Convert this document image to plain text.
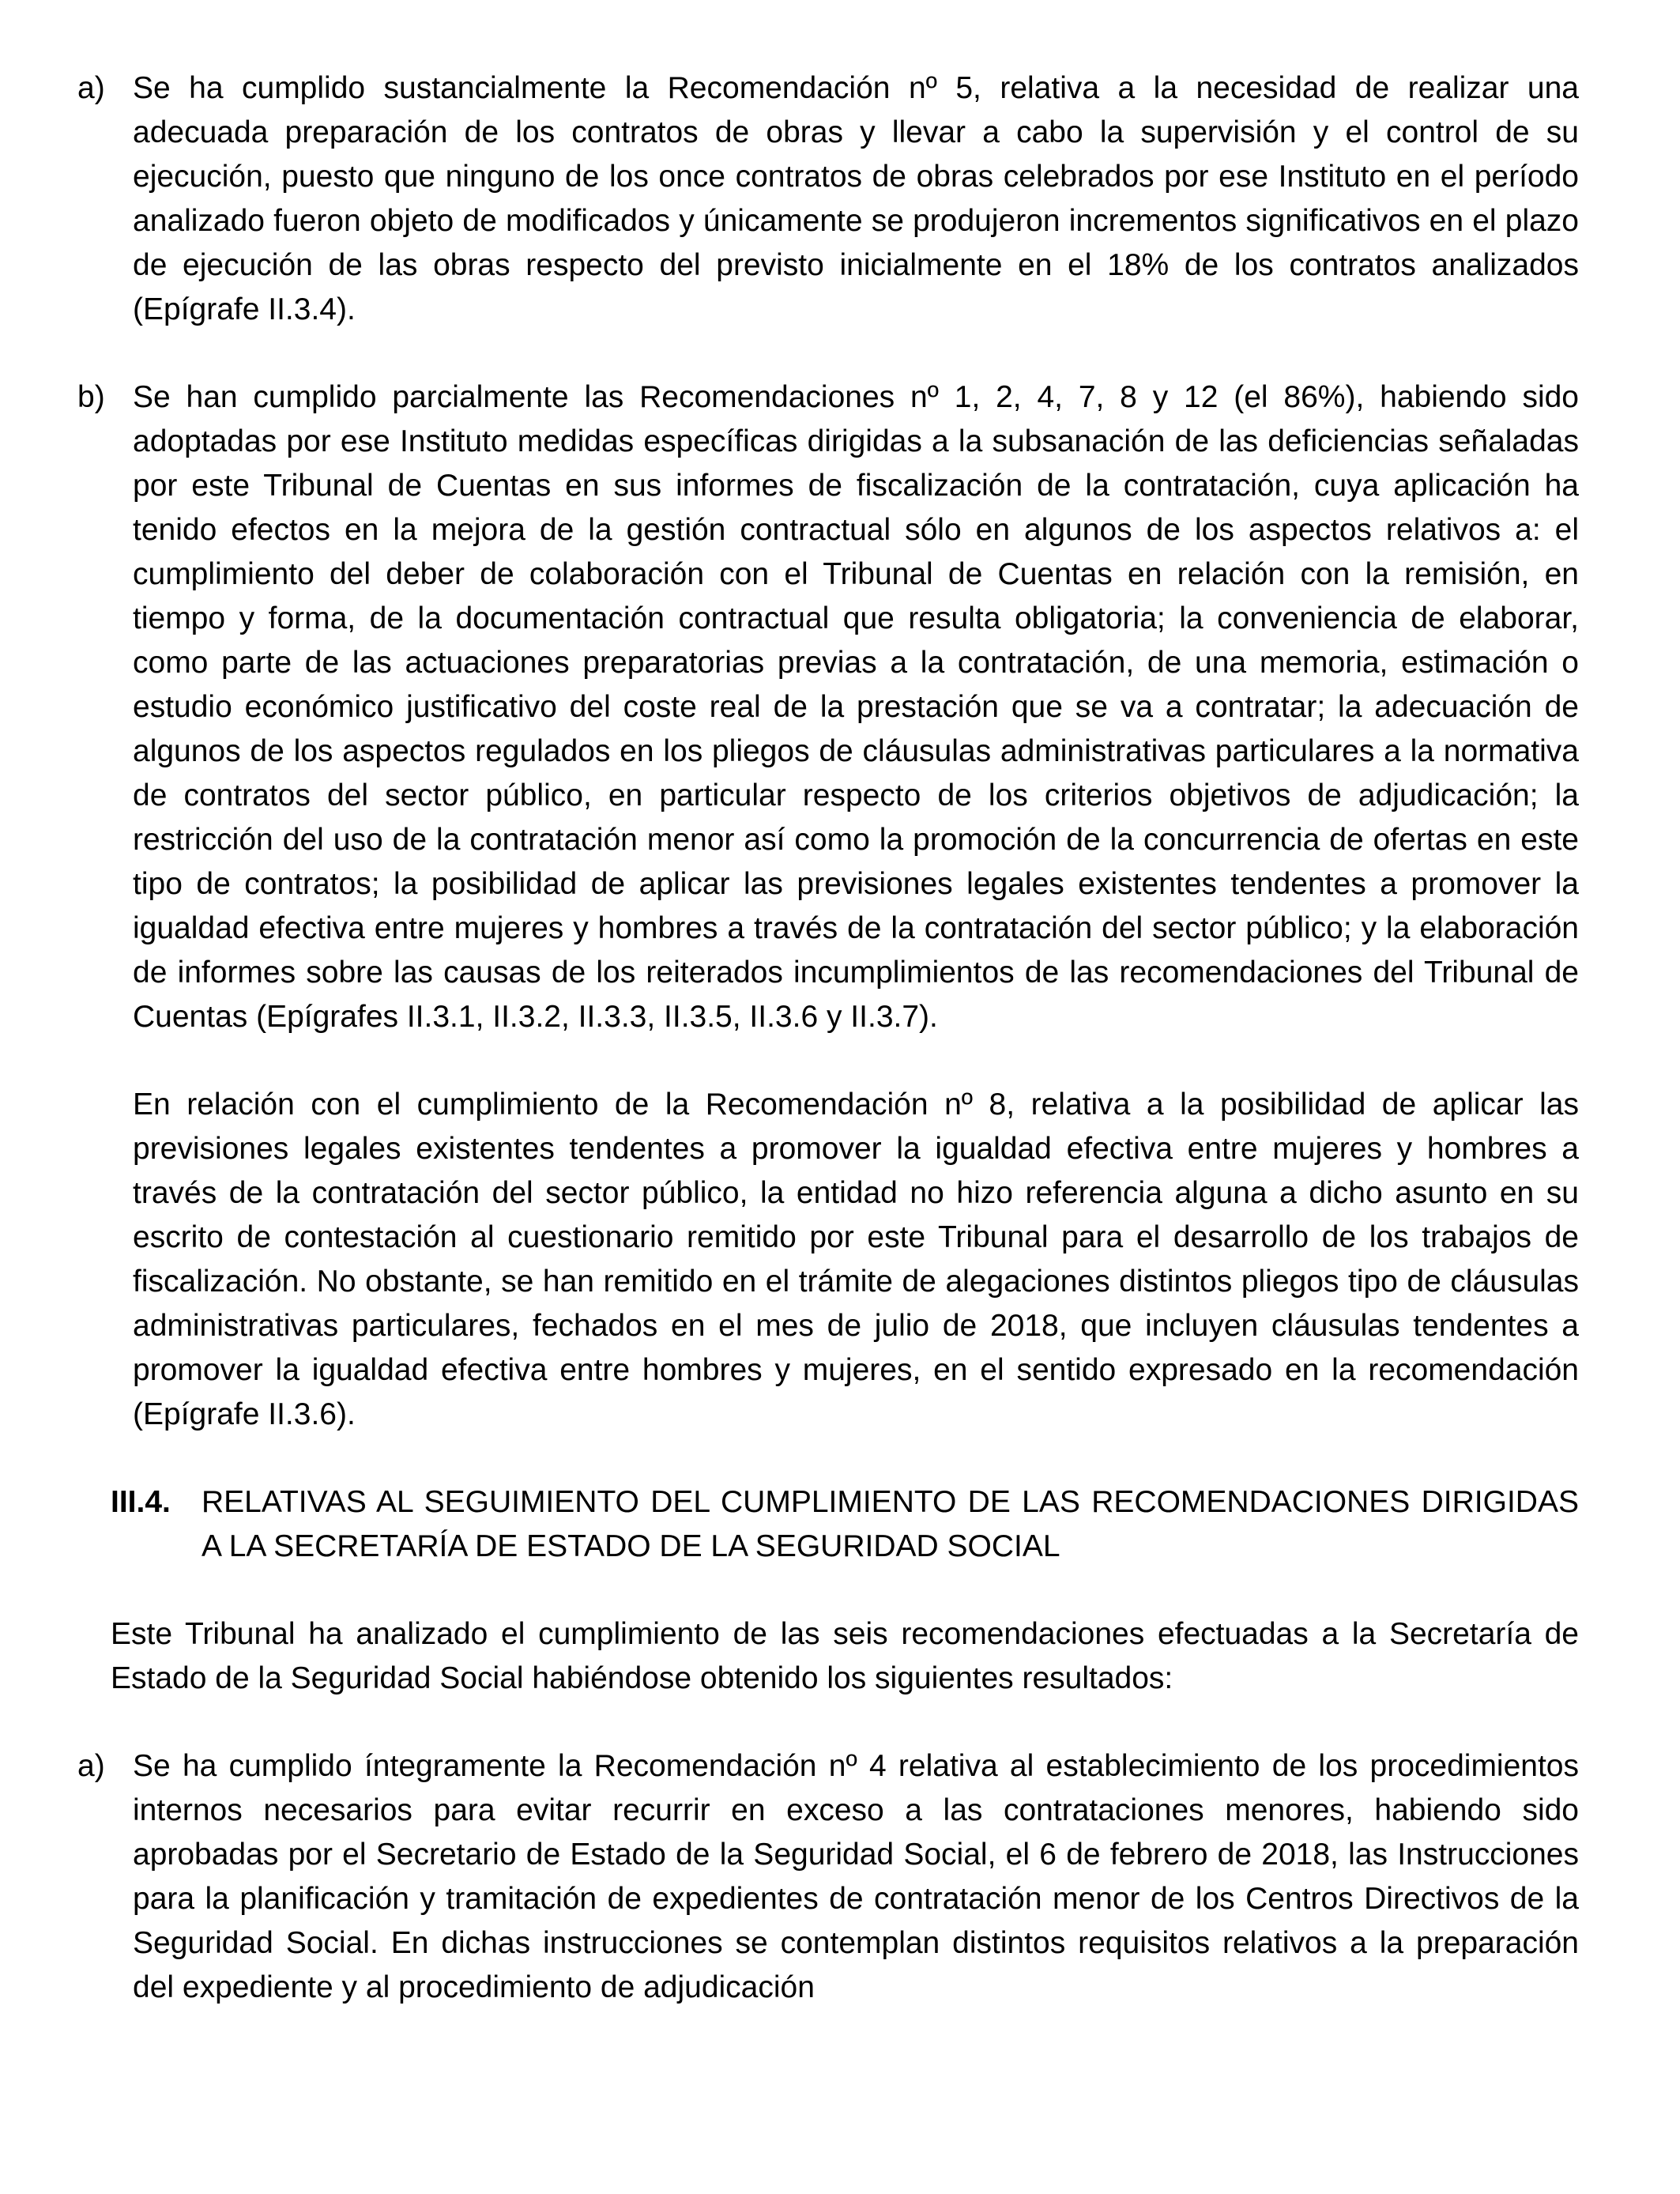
a) Se ha cumplido sustancialmente la Recomendación nº 5, relativa a la necesidad de realizar una adecuada preparación de los contratos de obras y llevar a cabo la supervisión y el control de su ejecución, puesto que ninguno de los once contratos de obras celebrados por ese Instituto en el período analizado fueron objeto de modificados y únicamente se produjeron incrementos significativos en el plazo de ejecución de las obras respecto del previsto inicialmente en el 18% de los contratos analizados (Epígrafe II.3.4).
b) Se han cumplido parcialmente las Recomendaciones nº 1, 2, 4, 7, 8 y 12 (el 86%), habiendo sido adoptadas por ese Instituto medidas específicas dirigidas a la subsanación de las deficiencias señaladas por este Tribunal de Cuentas en sus informes de fiscalización de la contratación, cuya aplicación ha tenido efectos en la mejora de la gestión contractual sólo en algunos de los aspectos relativos a: el cumplimiento del deber de colaboración con el Tribunal de Cuentas en relación con la remisión, en tiempo y forma, de la documentación contractual que resulta obligatoria; la conveniencia de elaborar, como parte de las actuaciones preparatorias previas a la contratación, de una memoria, estimación o estudio económico justificativo del coste real de la prestación que se va a contratar; la adecuación de algunos de los aspectos regulados en los pliegos de cláusulas administrativas particulares a la normativa de contratos del sector público, en particular respecto de los criterios objetivos de adjudicación; la restricción del uso de la contratación menor así como la promoción de la concurrencia de ofertas en este tipo de contratos; la posibilidad de aplicar las previsiones legales existentes tendentes a promover la igualdad efectiva entre mujeres y hombres a través de la contratación del sector público; y la elaboración de informes sobre las causas de los reiterados incumplimientos de las recomendaciones del Tribunal de Cuentas (Epígrafes II.3.1, II.3.2, II.3.3, II.3.5, II.3.6 y II.3.7).
En relación con el cumplimiento de la Recomendación nº 8, relativa a la posibilidad de aplicar las previsiones legales existentes tendentes a promover la igualdad efectiva entre mujeres y hombres a través de la contratación del sector público, la entidad no hizo referencia alguna a dicho asunto en su escrito de contestación al cuestionario remitido por este Tribunal para el desarrollo de los trabajos de fiscalización. No obstante, se han remitido en el trámite de alegaciones distintos pliegos tipo de cláusulas administrativas particulares, fechados en el mes de julio de 2018, que incluyen cláusulas tendentes a promover la igualdad efectiva entre hombres y mujeres, en el sentido expresado en la recomendación (Epígrafe II.3.6).
III.4. RELATIVAS AL SEGUIMIENTO DEL CUMPLIMIENTO DE LAS RECOMENDACIONES DIRIGIDAS A LA SECRETARÍA DE ESTADO DE LA SEGURIDAD SOCIAL
Este Tribunal ha analizado el cumplimiento de las seis recomendaciones efectuadas a la Secretaría de Estado de la Seguridad Social habiéndose obtenido los siguientes resultados:
a) Se ha cumplido íntegramente la Recomendación nº 4 relativa al establecimiento de los procedimientos internos necesarios para evitar recurrir en exceso a las contrataciones menores, habiendo sido aprobadas por el Secretario de Estado de la Seguridad Social, el 6 de febrero de 2018, las Instrucciones para la planificación y tramitación de expedientes de contratación menor de los Centros Directivos de la Seguridad Social. En dichas instrucciones se contemplan distintos requisitos relativos a la preparación del expediente y al procedimiento de adjudicación
